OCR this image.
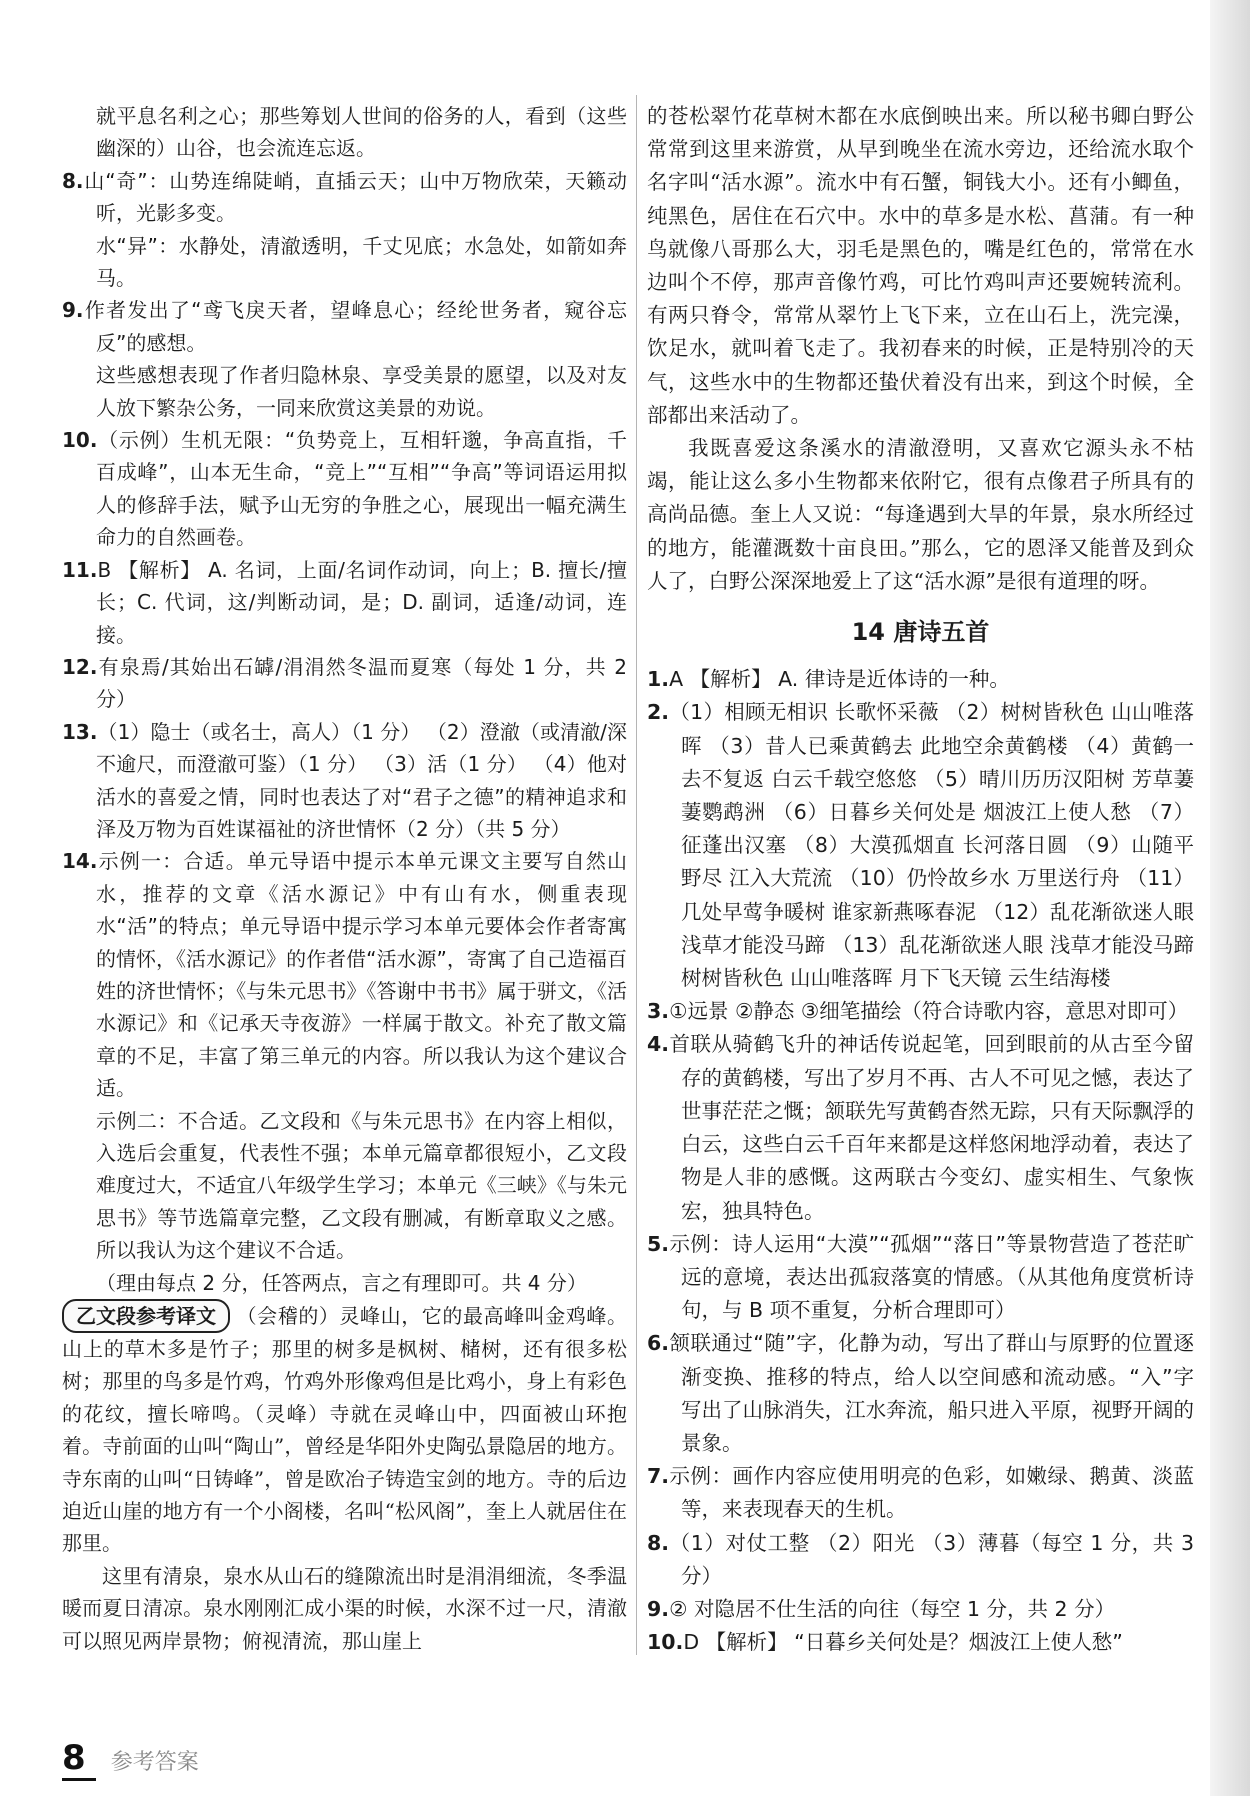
就平息名利之心；那些筹划人世间的俗务的人，看到（这些幽深的）山谷，也会流连忘返。

8.山“奇”：山势连绵陡峭，直插云天；山中万物欣荣，天籁动听，光影多变。

水“异”：水静处，清澈透明，千丈见底；水急处，如箭如奔马。

9.作者发出了“鸢飞戾天者，望峰息心；经纶世务者，窥谷忘反”的感想。

这些感想表现了作者归隐林泉、享受美景的愿望，以及对友人放下繁杂公务，一同来欣赏这美景的劝说。

10.（示例）生机无限：“负势竞上，互相轩邈，争高直指，千百成峰”，山本无生命，“竞上”“互相”“争高”等词语运用拟人的修辞手法，赋予山无穷的争胜之心，展现出一幅充满生命力的自然画卷。

11.B 【解析】 A. 名词，上面/名词作动词，向上；B. 擅长/擅长；C. 代词，这/判断动词，是；D. 副词，适逢/动词，连接。

12.有泉焉/其始出石罅/涓涓然冬温而夏寒（每处 1 分，共 2 分）

13.（1）隐士（或名士，高人）（1 分） （2）澄澈（或清澈/深不逾尺，而澄澈可鉴）（1 分） （3）活（1 分） （4）他对活水的喜爱之情，同时也表达了对“君子之德”的精神追求和泽及万物为百姓谋福祉的济世情怀（2 分）（共 5 分）

14.示例一：合适。单元导语中提示本单元课文主要写自然山水，推荐的文章《活水源记》中有山有水，侧重表现水“活”的特点；单元导语中提示学习本单元要体会作者寄寓的情怀，《活水源记》的作者借“活水源”，寄寓了自己造福百姓的济世情怀；《与朱元思书》《答谢中书书》属于骈文，《活水源记》和《记承天寺夜游》一样属于散文。补充了散文篇章的不足，丰富了第三单元的内容。所以我认为这个建议合适。

示例二：不合适。乙文段和《与朱元思书》在内容上相似，入选后会重复，代表性不强；本单元篇章都很短小，乙文段难度过大，不适宜八年级学生学习；本单元《三峡》《与朱元思书》等节选篇章完整，乙文段有删减，有断章取义之感。所以我认为这个建议不合适。

（理由每点 2 分，任答两点，言之有理即可。共 4 分）

乙文段参考译文 （会稽的）灵峰山，它的最高峰叫金鸡峰。山上的草木多是竹子；那里的树多是枫树、槠树，还有很多松树；那里的鸟多是竹鸡，竹鸡外形像鸡但是比鸡小，身上有彩色的花纹，擅长啼鸣。（灵峰）寺就在灵峰山中，四面被山环抱着。寺前面的山叫“陶山”，曾经是华阳外史陶弘景隐居的地方。寺东南的山叫“日铸峰”，曾是欧冶子铸造宝剑的地方。寺的后边迫近山崖的地方有一个小阁楼，名叫“松风阁”，奎上人就居住在那里。

这里有清泉，泉水从山石的缝隙流出时是涓涓细流，冬季温暖而夏日清凉。泉水刚刚汇成小渠的时候，水深不过一尺，清澈可以照见两岸景物；俯视清流，那山崖上

的苍松翠竹花草树木都在水底倒映出来。所以秘书卿白野公常常到这里来游赏，从早到晚坐在流水旁边，还给流水取个名字叫“活水源”。流水中有石蟹，铜钱大小。还有小鲫鱼，纯黑色，居住在石穴中。水中的草多是水松、菖蒲。有一种鸟就像八哥那么大，羽毛是黑色的，嘴是红色的，常常在水边叫个不停，那声音像竹鸡，可比竹鸡叫声还要婉转流利。有两只脊令，常常从翠竹上飞下来，立在山石上，洗完澡，饮足水，就叫着飞走了。我初春来的时候，正是特别冷的天气，这些水中的生物都还蛰伏着没有出来，到这个时候，全部都出来活动了。

我既喜爱这条溪水的清澈澄明，又喜欢它源头永不枯竭，能让这么多小生物都来依附它，很有点像君子所具有的高尚品德。奎上人又说：“每逢遇到大旱的年景，泉水所经过的地方，能灌溉数十亩良田。”那么，它的恩泽又能普及到众人了，白野公深深地爱上了这“活水源”是很有道理的呀。

14 唐诗五首

1.A 【解析】 A. 律诗是近体诗的一种。

2.（1）相顾无相识 长歌怀采薇 （2）树树皆秋色 山山唯落晖 （3）昔人已乘黄鹤去 此地空余黄鹤楼 （4）黄鹤一去不复返 白云千载空悠悠 （5）晴川历历汉阳树 芳草萋萋鹦鹉洲 （6）日暮乡关何处是 烟波江上使人愁 （7）征蓬出汉塞 （8）大漠孤烟直 长河落日圆 （9）山随平野尽 江入大荒流 （10）仍怜故乡水 万里送行舟 （11）几处早莺争暖树 谁家新燕啄春泥 （12）乱花渐欲迷人眼 浅草才能没马蹄 （13）乱花渐欲迷人眼 浅草才能没马蹄 树树皆秋色 山山唯落晖 月下飞天镜 云生结海楼

3.①远景 ②静态 ③细笔描绘（符合诗歌内容，意思对即可）

4.首联从骑鹤飞升的神话传说起笔，回到眼前的从古至今留存的黄鹤楼，写出了岁月不再、古人不可见之憾，表达了世事茫茫之慨；颔联先写黄鹤杳然无踪，只有天际飘浮的白云，这些白云千百年来都是这样悠闲地浮动着，表达了物是人非的感慨。这两联古今变幻、虚实相生、气象恢宏，独具特色。

5.示例：诗人运用“大漠”“孤烟”“落日”等景物营造了苍茫旷远的意境，表达出孤寂落寞的情感。（从其他角度赏析诗句，与 B 项不重复，分析合理即可）

6.颔联通过“随”字，化静为动，写出了群山与原野的位置逐渐变换、推移的特点，给人以空间感和流动感。“入”字写出了山脉消失，江水奔流，船只进入平原，视野开阔的景象。

7.示例：画作内容应使用明亮的色彩，如嫩绿、鹅黄、淡蓝等，来表现春天的生机。

8.（1）对仗工整 （2）阳光 （3）薄暮（每空 1 分，共 3 分）

9.② 对隐居不仕生活的向往（每空 1 分，共 2 分）

10.D 【解析】 “日暮乡关何处是？烟波江上使人愁”

8 参考答案
